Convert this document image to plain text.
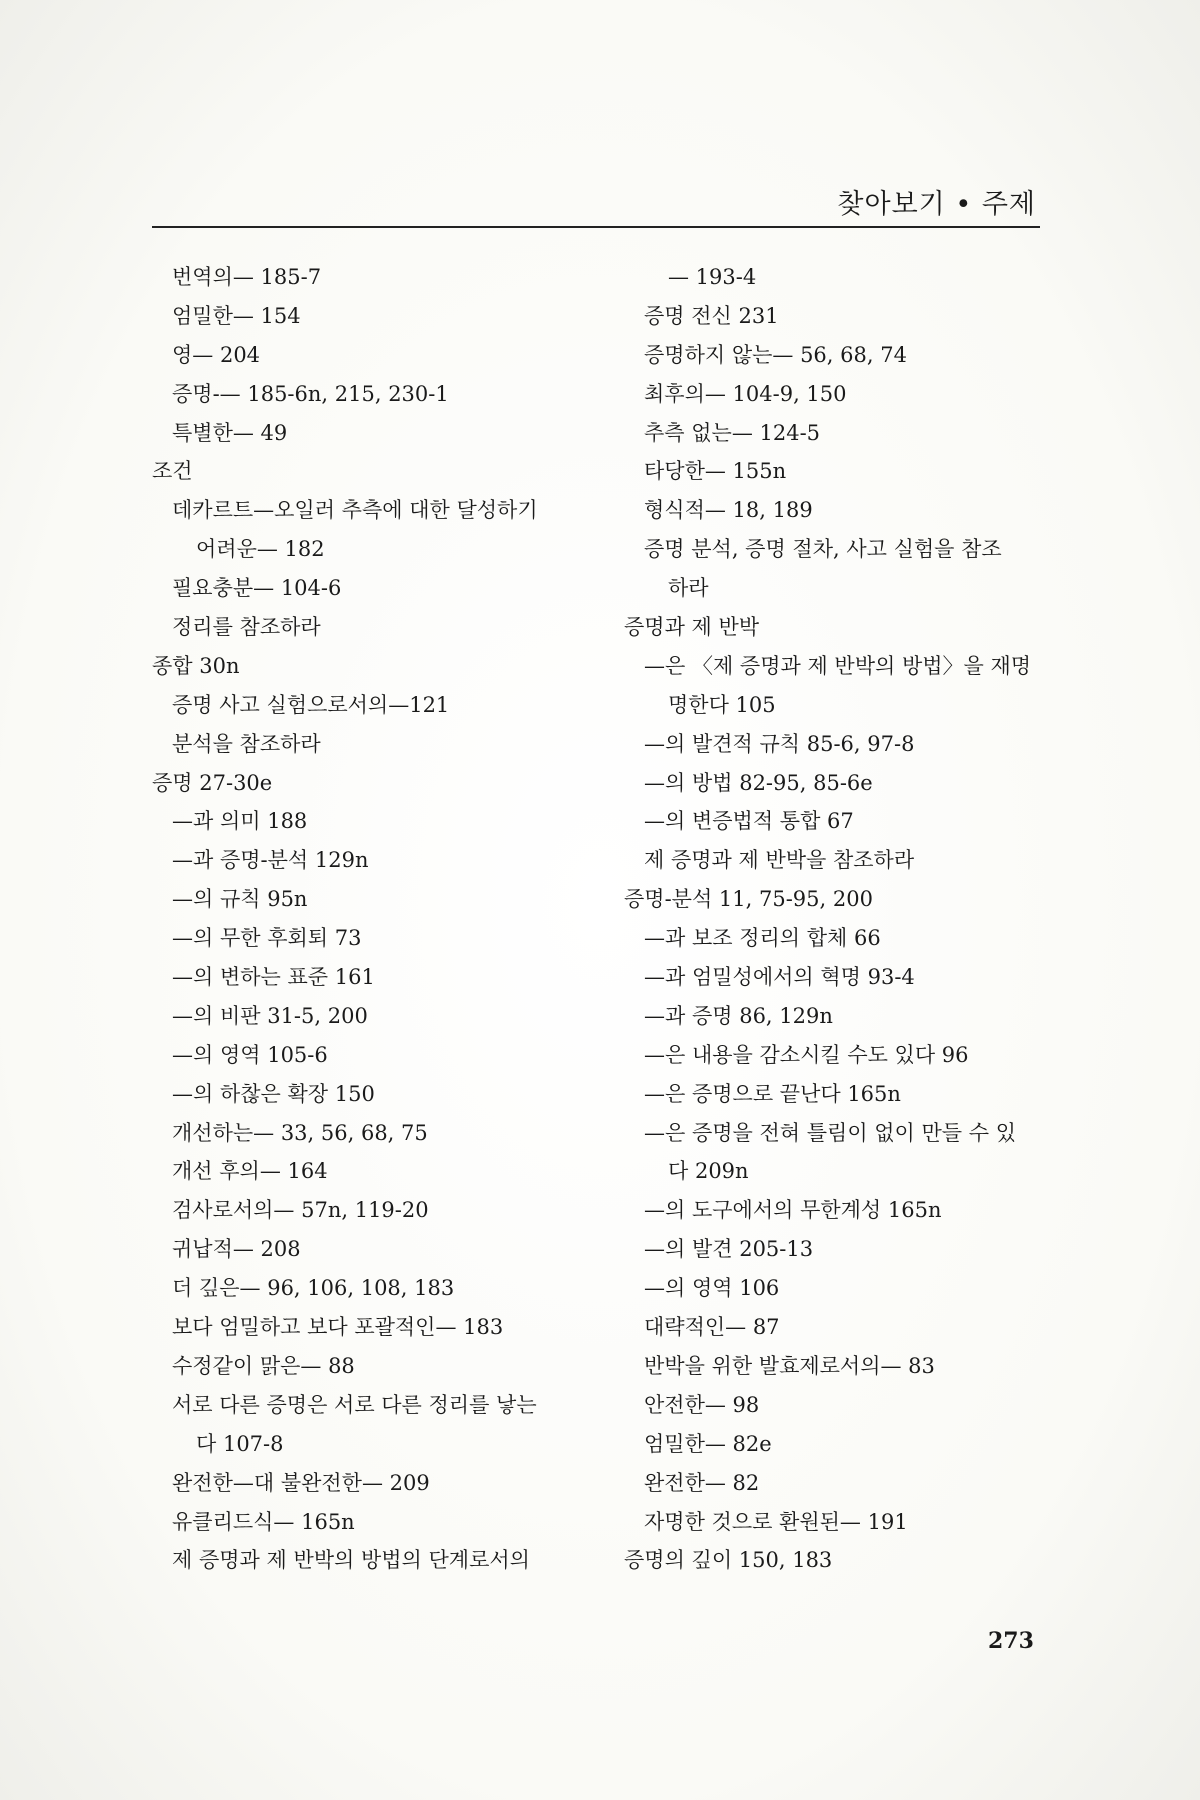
찾아보기 • 주제
번역의— 185-7
엄밀한— 154
영— 204
증명-— 185-6n, 215, 230-1
특별한— 49
조건
데카르트—오일러 추측에 대한 달성하기
어려운— 182
필요충분— 104-6
정리를 참조하라
종합 30n
증명 사고 실험으로서의—121
분석을 참조하라
증명 27-30e
—과 의미 188
—과 증명-분석 129n
—의 규칙 95n
—의 무한 후회퇴 73
—의 변하는 표준 161
—의 비판 31-5, 200
—의 영역 105-6
—의 하찮은 확장 150
개선하는— 33, 56, 68, 75
개선 후의— 164
검사로서의— 57n, 119-20
귀납적— 208
더 깊은— 96, 106, 108, 183
보다 엄밀하고 보다 포괄적인— 183
수정같이 맑은— 88
서로 다른 증명은 서로 다른 정리를 낳는
다 107-8
완전한—대 불완전한— 209
유클리드식— 165n
제 증명과 제 반박의 방법의 단계로서의
— 193-4
증명 전신 231
증명하지 않는— 56, 68, 74
최후의— 104-9, 150
추측 없는— 124-5
타당한— 155n
형식적— 18, 189
증명 분석, 증명 절차, 사고 실험을 참조
하라
증명과 제 반박
—은 〈제 증명과 제 반박의 방법〉을 재명
명한다 105
—의 발견적 규칙 85-6, 97-8
—의 방법 82-95, 85-6e
—의 변증법적 통합 67
제 증명과 제 반박을 참조하라
증명-분석 11, 75-95, 200
—과 보조 정리의 합체 66
—과 엄밀성에서의 혁명 93-4
—과 증명 86, 129n
—은 내용을 감소시킬 수도 있다 96
—은 증명으로 끝난다 165n
—은 증명을 전혀 틀림이 없이 만들 수 있
다 209n
—의 도구에서의 무한계성 165n
—의 발견 205-13
—의 영역 106
대략적인— 87
반박을 위한 발효제로서의— 83
안전한— 98
엄밀한— 82e
완전한— 82
자명한 것으로 환원된— 191
증명의 깊이 150, 183
273
